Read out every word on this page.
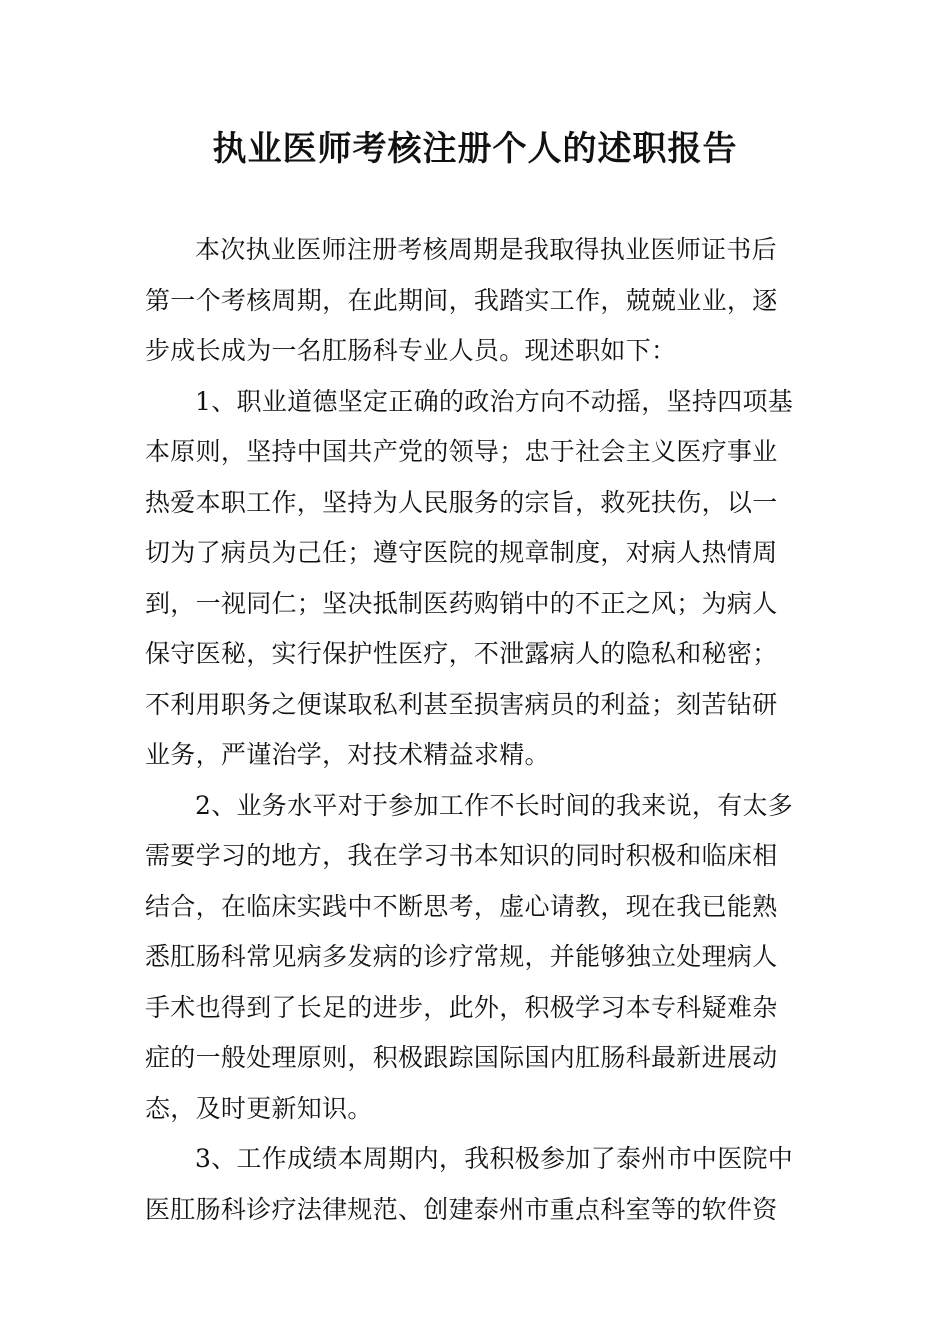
执业医师考核注册个人的述职报告
本次执业医师注册考核周期是我取得执业医师证书后
第一个考核周期，在此期间，我踏实工作，兢兢业业，逐
步成长成为一名肛肠科专业人员。现述职如下：
1、职业道德坚定正确的政治方向不动摇，坚持四项基
本原则，坚持中国共产党的领导；忠于社会主义医疗事业
热爱本职工作，坚持为人民服务的宗旨，救死扶伤，以一
切为了病员为己任；遵守医院的规章制度，对病人热情周
到，一视同仁；坚决抵制医药购销中的不正之风；为病人
保守医秘，实行保护性医疗，不泄露病人的隐私和秘密；
不利用职务之便谋取私利甚至损害病员的利益；刻苦钻研
业务，严谨治学，对技术精益求精。
2、业务水平对于参加工作不长时间的我来说，有太多
需要学习的地方，我在学习书本知识的同时积极和临床相
结合，在临床实践中不断思考，虚心请教，现在我已能熟
悉肛肠科常见病多发病的诊疗常规，并能够独立处理病人
手术也得到了长足的进步，此外，积极学习本专科疑难杂
症的一般处理原则，积极跟踪国际国内肛肠科最新进展动
态，及时更新知识。
3、工作成绩本周期内，我积极参加了泰州市中医院中
医肛肠科诊疗法律规范、创建泰州市重点科室等的软件资
